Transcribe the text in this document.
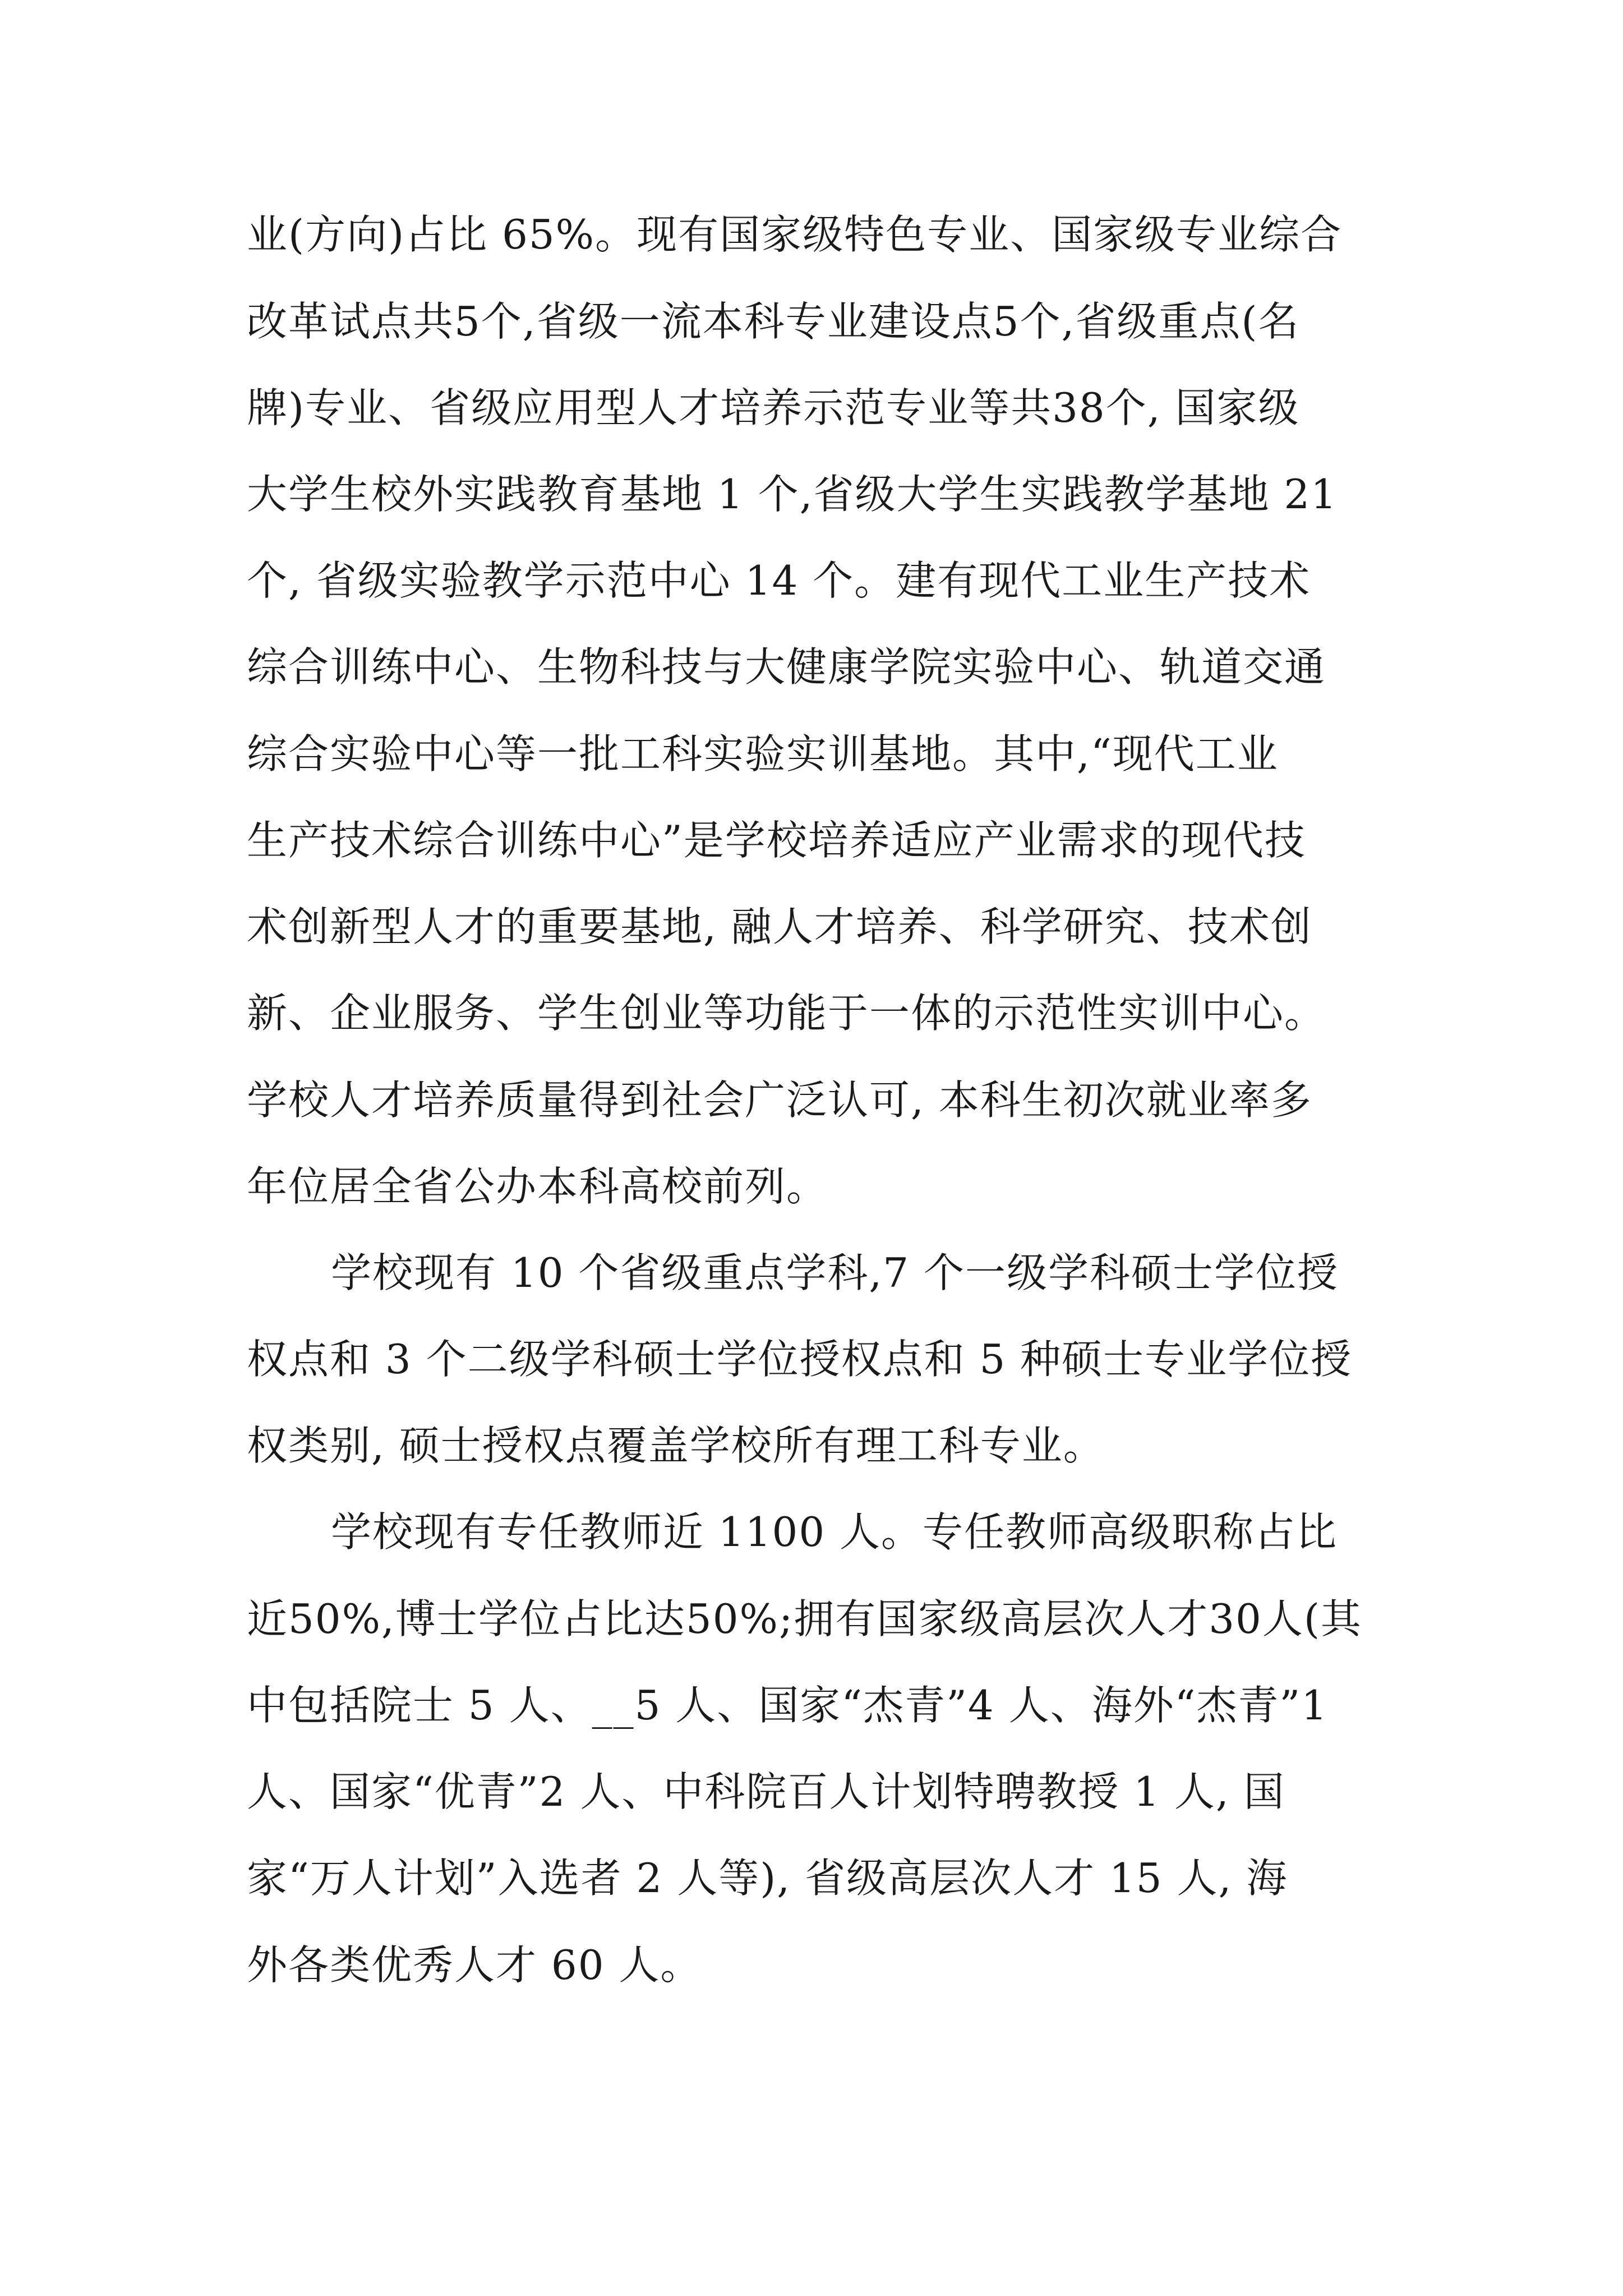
业(方向)占比 65%。现有国家级特色专业、国家级专业综合

改革试点共5个,省级一流本科专业建设点5个,省级重点(名

牌)专业、省级应用型人才培养示范专业等共38个, 国家级

大学生校外实践教育基地 1 个,省级大学生实践教学基地 21

个, 省级实验教学示范中心 14 个。建有现代工业生产技术

综合训练中心、生物科技与大健康学院实验中心、轨道交通

综合实验中心等一批工科实验实训基地。其中,“现代工业

生产技术综合训练中心”是学校培养适应产业需求的现代技

术创新型人才的重要基地, 融人才培养、科学研究、技术创

新、企业服务、学生创业等功能于一体的示范性实训中心。

学校人才培养质量得到社会广泛认可, 本科生初次就业率多

年位居全省公办本科高校前列。

学校现有 10 个省级重点学科,7 个一级学科硕士学位授

权点和 3 个二级学科硕士学位授权点和 5 种硕士专业学位授

权类别, 硕士授权点覆盖学校所有理工科专业。

学校现有专任教师近 1100 人。专任教师高级职称占比

近50%,博士学位占比达50%;拥有国家级高层次人才30人(其

中包括院士 5 人、__5 人、国家“杰青”4 人、海外“杰青”1

人、国家“优青”2 人、中科院百人计划特聘教授 1 人, 国

家“万人计划”入选者 2 人等), 省级高层次人才 15 人, 海

外各类优秀人才 60 人。
